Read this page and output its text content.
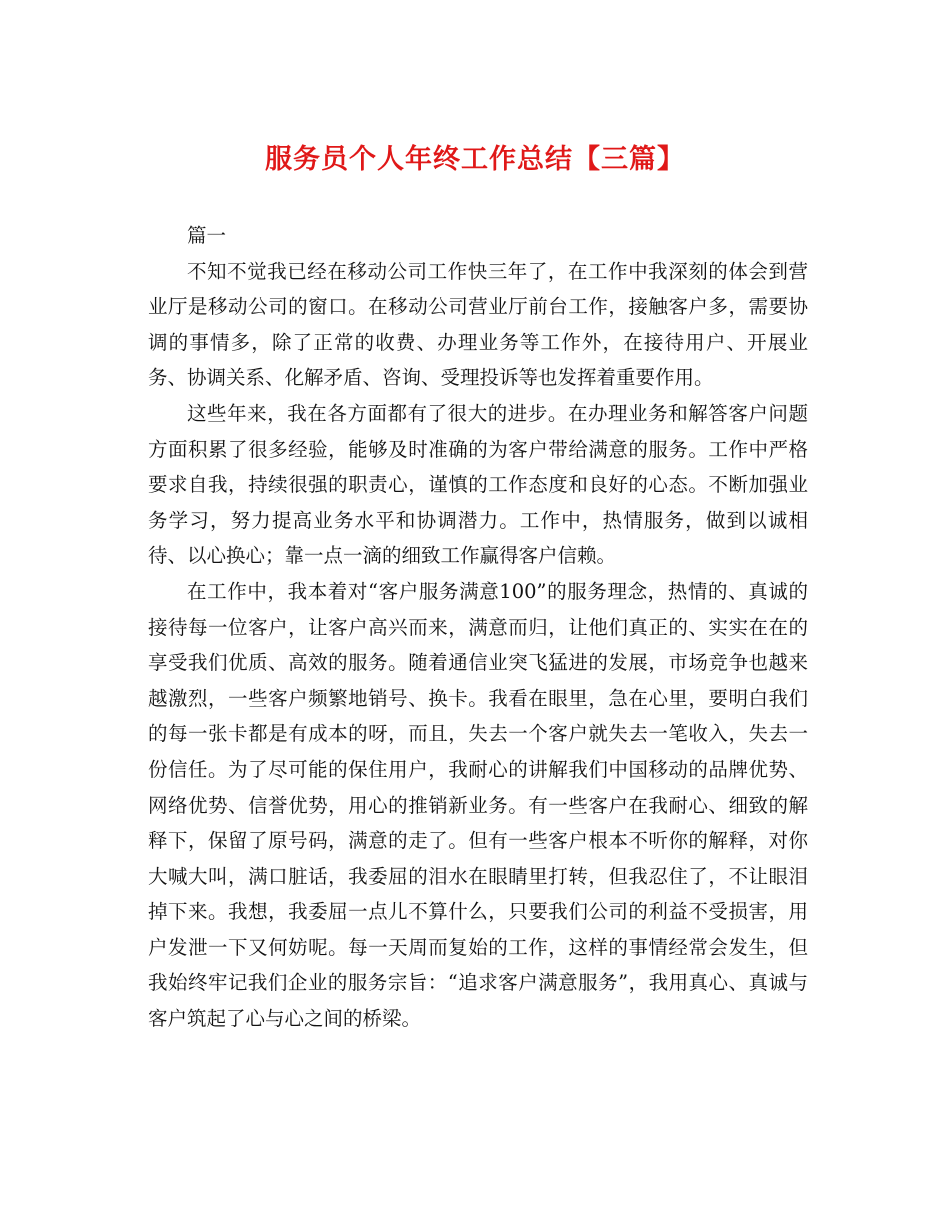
服务员个人年终工作总结【三篇】
篇一

不知不觉我已经在移动公司工作快三年了，在工作中我深刻的体会到营业厅是移动公司的窗口。在移动公司营业厅前台工作，接触客户多，需要协调的事情多，除了正常的收费、办理业务等工作外，在接待用户、开展业务、协调关系、化解矛盾、咨询、受理投诉等也发挥着重要作用。

这些年来，我在各方面都有了很大的进步。在办理业务和解答客户问题方面积累了很多经验，能够及时准确的为客户带给满意的服务。工作中严格要求自我，持续很强的职责心，谨慎的工作态度和良好的心态。不断加强业务学习，努力提高业务水平和协调潜力。工作中，热情服务，做到以诚相待、以心换心；靠一点一滴的细致工作赢得客户信赖。

在工作中，我本着对“客户服务满意100”的服务理念，热情的、真诚的接待每一位客户，让客户高兴而来，满意而归，让他们真正的、实实在在的享受我们优质、高效的服务。随着通信业突飞猛进的发展，市场竞争也越来越激烈，一些客户频繁地销号、换卡。我看在眼里，急在心里，要明白我们的每一张卡都是有成本的呀，而且，失去一个客户就失去一笔收入，失去一份信任。为了尽可能的保住用户，我耐心的讲解我们中国移动的品牌优势、网络优势、信誉优势，用心的推销新业务。有一些客户在我耐心、细致的解释下，保留了原号码，满意的走了。但有一些客户根本不听你的解释，对你大喊大叫，满口脏话，我委屈的泪水在眼睛里打转，但我忍住了，不让眼泪掉下来。我想，我委屈一点儿不算什么，只要我们公司的利益不受损害，用户发泄一下又何妨呢。每一天周而复始的工作，这样的事情经常会发生，但我始终牢记我们企业的服务宗旨：“追求客户满意服务”，我用真心、真诚与客户筑起了心与心之间的桥梁。
